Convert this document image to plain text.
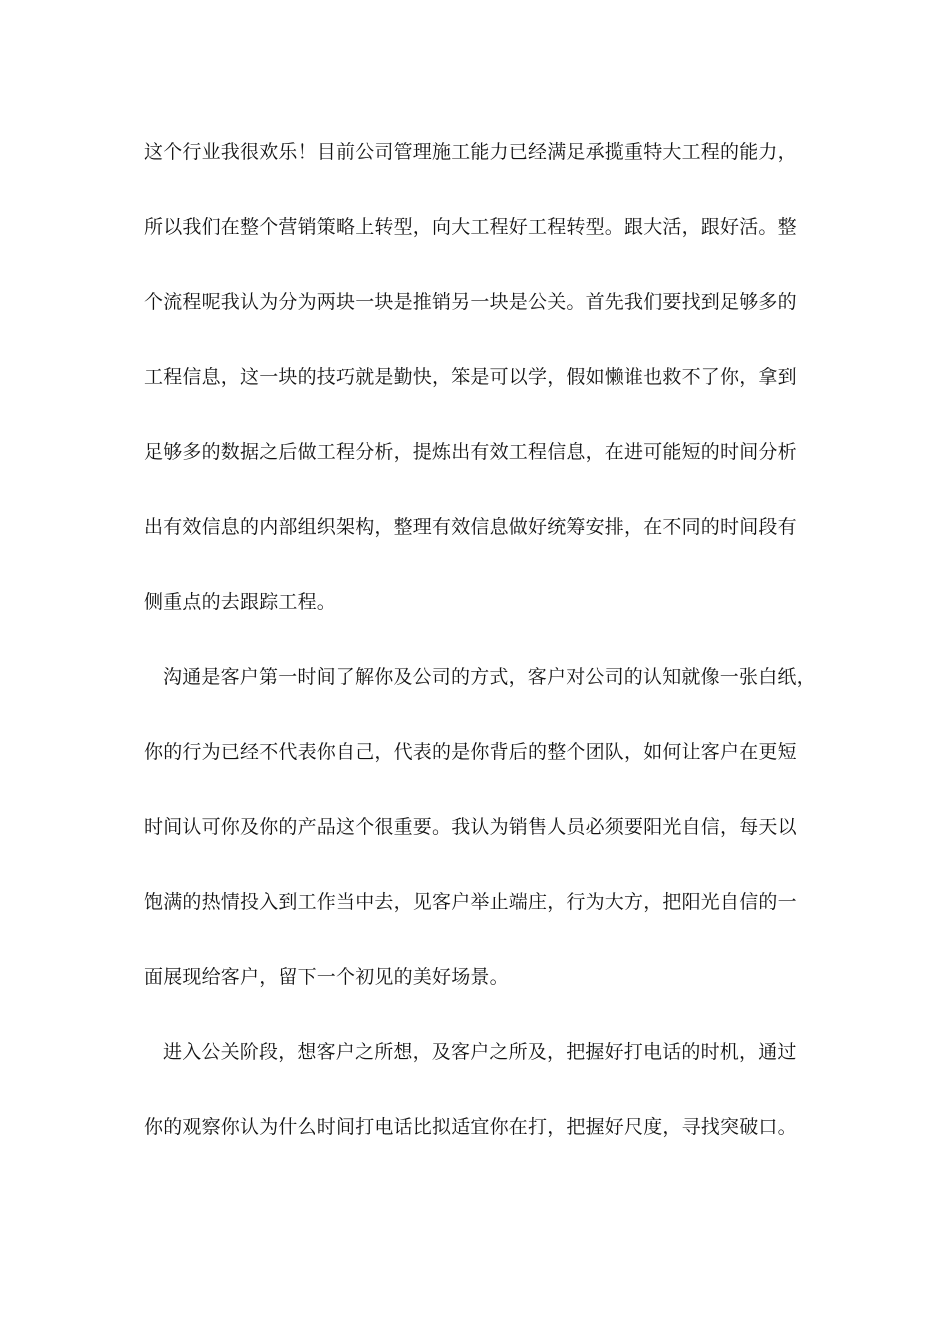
这个行业我很欢乐！目前公司管理施工能力已经满足承揽重特大工程的能力，
所以我们在整个营销策略上转型，向大工程好工程转型。跟大活，跟好活。整
个流程呢我认为分为两块一块是推销另一块是公关。首先我们要找到足够多的
工程信息，这一块的技巧就是勤快，笨是可以学，假如懒谁也救不了你，拿到
足够多的数据之后做工程分析，提炼出有效工程信息，在进可能短的时间分析
出有效信息的内部组织架构，整理有效信息做好统筹安排，在不同的时间段有
侧重点的去跟踪工程。
沟通是客户第一时间了解你及公司的方式，客户对公司的认知就像一张白纸，
你的行为已经不代表你自己，代表的是你背后的整个团队，如何让客户在更短
时间认可你及你的产品这个很重要。我认为销售人员必须要阳光自信，每天以
饱满的热情投入到工作当中去，见客户举止端庄，行为大方，把阳光自信的一
面展现给客户，留下一个初见的美好场景。
进入公关阶段，想客户之所想，及客户之所及，把握好打电话的时机，通过
你的观察你认为什么时间打电话比拟适宜你在打，把握好尺度，寻找突破口。
